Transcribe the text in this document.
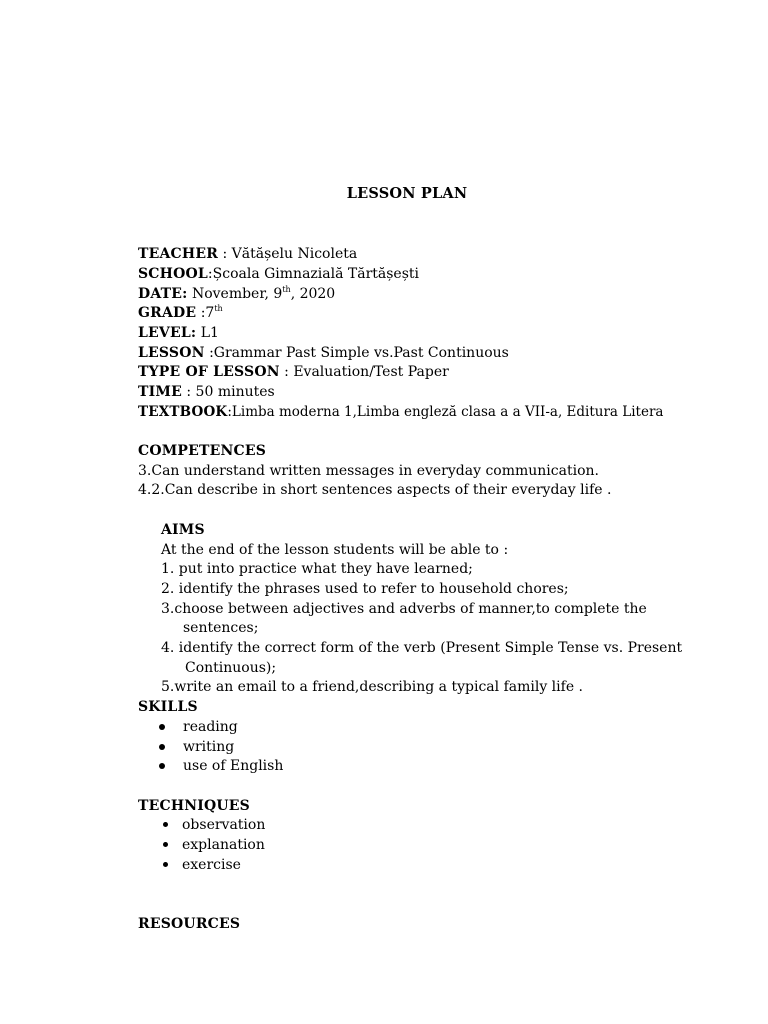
LESSON PLAN
TEACHER : Vătășelu Nicoleta
SCHOOL:Școala Gimnazială Tărtășești
DATE: November, 9th, 2020
GRADE :7th
LEVEL: L1
LESSON :Grammar Past Simple vs.Past Continuous
TYPE OF LESSON : Evaluation/Test Paper
TIME : 50 minutes
TEXTBOOK:Limba moderna 1,Limba engleză clasa a a VII-a, Editura Litera
COMPETENCES
3.Can understand written messages in everyday communication.
4.2.Can describe in short sentences aspects of their everyday life .
AIMS
At the end of the lesson students will be able to :
1. put into practice what they have learned;
2. identify the phrases used to refer to household chores;
3.choose between adjectives and adverbs of manner,to complete the
sentences;
4. identify the correct form of the verb (Present Simple Tense vs. Present
Continuous);
5.write an email to a friend,describing a typical family life .
SKILLS
reading
writing
use of English
TECHNIQUES
observation
explanation
exercise
RESOURCES
